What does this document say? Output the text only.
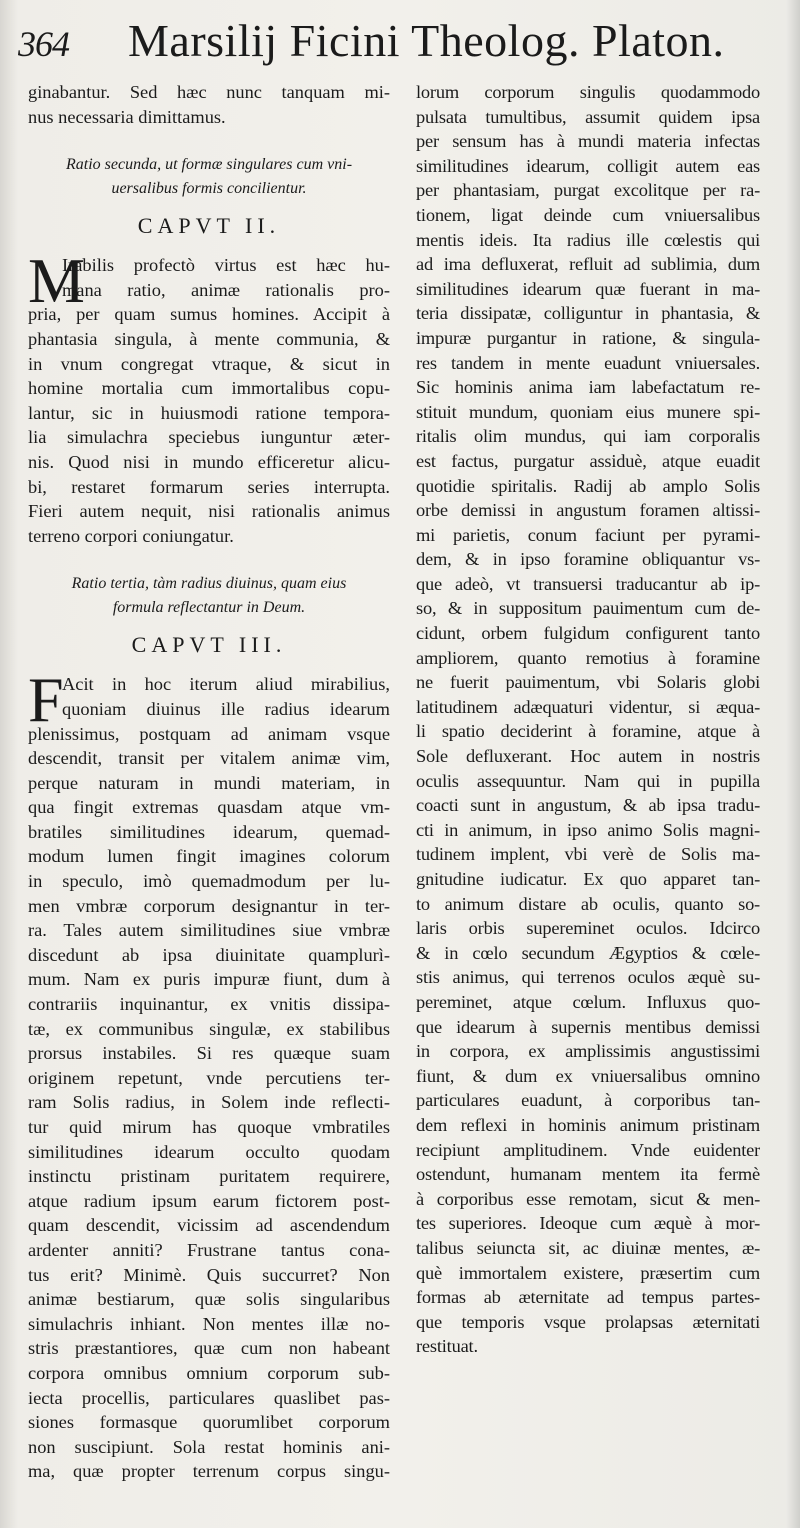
364	Marsilij Ficini Theolog. Platon.
ginabantur. Sed hæc nunc tanquam mi-
nus necessaria dimittamus.
Ratio secunda, ut formæ singulares cum vni-
uersalibus formis concilientur.
CAPVT II.
M
Irabilis profectò virtus est hæc hu-
mana ratio, animæ rationalis pro-
pria, per quam sumus homines. Accipit à
phantasia singula, à mente communia, &
in vnum congregat vtraque, & sicut in
homine mortalia cum immortalibus copu-
lantur, sic in huiusmodi ratione tempora-
lia simulachra speciebus iunguntur æter-
nis. Quod nisi in mundo efficeretur alicu-
bi, restaret formarum series interrupta.
Fieri autem nequit, nisi rationalis animus
terreno corpori coniungatur.
Ratio tertia, tàm radius diuinus, quam eius
formula reflectantur in Deum.
CAPVT III.
F
Acit in hoc iterum aliud mirabilius,
quoniam diuinus ille radius idearum
plenissimus, postquam ad animam vsque
descendit, transit per vitalem animæ vim,
perque naturam in mundi materiam, in
qua fingit extremas quasdam atque vm-
bratiles similitudines idearum, quemad-
modum lumen fingit imagines colorum
in speculo, imò quemadmodum per lu-
men vmbræ corporum designantur in ter-
ra. Tales autem similitudines siue vmbræ
discedunt ab ipsa diuinitate quamplurì-
mum. Nam ex puris impuræ fiunt, dum à
contrariis inquinantur, ex vnitis dissipa-
tæ, ex communibus singulæ, ex stabilibus
prorsus instabiles. Si res quæque suam
originem repetunt, vnde percutiens ter-
ram Solis radius, in Solem inde reflecti-
tur quid mirum has quoque vmbratiles
similitudines idearum occulto quodam
instinctu pristinam puritatem requirere,
atque radium ipsum earum fictorem post-
quam descendit, vicissim ad ascendendum
ardenter anniti? Frustrane tantus cona-
tus erit? Minimè. Quis succurret? Non
animæ bestiarum, quæ solis singularibus
simulachris inhiant. Non mentes illæ no-
stris præstantiores, quæ cum non habeant
corpora omnibus omnium corporum sub-
iecta procellis, particulares quaslibet pas-
siones formasque quorumlibet corporum
non suscipiunt. Sola restat hominis ani-
ma, quæ propter terrenum corpus singu-
lorum corporum singulis quodammodo
pulsata tumultibus, assumit quidem ipsa
per sensum has à mundi materia infectas
similitudines idearum, colligit autem eas
per phantasiam, purgat excolitque per ra-
tionem, ligat deinde cum vniuersalibus
mentis ideis. Ita radius ille cœlestis qui
ad ima defluxerat, refluit ad sublimia, dum
similitudines idearum quæ fuerant in ma-
teria dissipatæ, colliguntur in phantasia, &
impuræ purgantur in ratione, & singula-
res tandem in mente euadunt vniuersales.
Sic hominis anima iam labefactatum re-
stituit mundum, quoniam eius munere spi-
ritalis olim mundus, qui iam corporalis
est factus, purgatur assiduè, atque euadit
quotidie spiritalis. Radij ab amplo Solis
orbe demissi in angustum foramen altissi-
mi parietis, conum faciunt per pyrami-
dem, & in ipso foramine obliquantur vs-
que adeò, vt transuersi traducantur ab ip-
so, & in suppositum pauimentum cum de-
cidunt, orbem fulgidum configurent tanto
ampliorem, quanto remotius à foramine
ne fuerit pauimentum, vbi Solaris globi
latitudinem adæquaturi videntur, si æqua-
li spatio deciderint à foramine, atque à
Sole defluxerant. Hoc autem in nostris
oculis assequuntur. Nam qui in pupilla
coacti sunt in angustum, & ab ipsa tradu-
cti in animum, in ipso animo Solis magni-
tudinem implent, vbi verè de Solis ma-
gnitudine iudicatur. Ex quo apparet tan-
to animum distare ab oculis, quanto so-
laris orbis supereminet oculos. Idcirco
& in cœlo secundum Ægyptios & cœle-
stis animus, qui terrenos oculos æquè su-
pereminet, atque cœlum. Influxus quo-
que idearum à supernis mentibus demissi
in corpora, ex amplissimis angustissimi
fiunt, & dum ex vniuersalibus omnino
particulares euadunt, à corporibus tan-
dem reflexi in hominis animum pristinam
recipiunt amplitudinem. Vnde euidenter
ostendunt, humanam mentem ita fermè
à corporibus esse remotam, sicut & men-
tes superiores. Ideoque cum æquè à mor-
talibus seiuncta sit, ac diuinæ mentes, æ-
què immortalem existere, præsertim cum
formas ab æternitate ad tempus partes-
que temporis vsque prolapsas æternitati
restituat.
